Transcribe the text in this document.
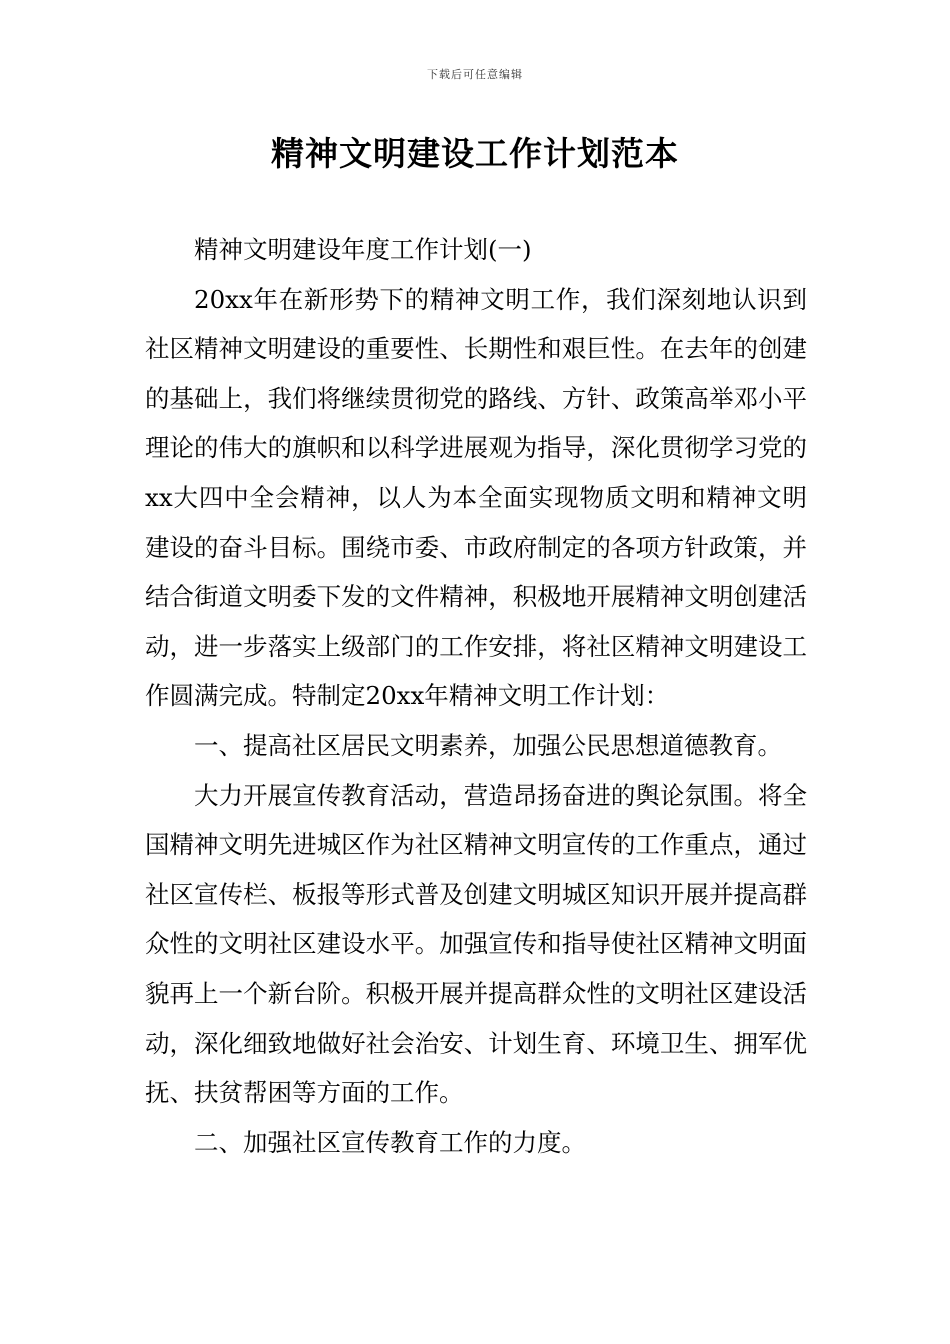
下载后可任意编辑
精神文明建设工作计划范本

精神文明建设年度工作计划(一)

20xx年在新形势下的精神文明工作，我们深刻地认识到社区精神文明建设的重要性、长期性和艰巨性。在去年的创建的基础上，我们将继续贯彻党的路线、方针、政策高举邓小平理论的伟大的旗帜和以科学进展观为指导，深化贯彻学习党的xx大四中全会精神，以人为本全面实现物质文明和精神文明建设的奋斗目标。围绕市委、市政府制定的各项方针政策，并结合街道文明委下发的文件精神，积极地开展精神文明创建活动，进一步落实上级部门的工作安排，将社区精神文明建设工作圆满完成。特制定20xx年精神文明工作计划：

一、提高社区居民文明素养，加强公民思想道德教育。

大力开展宣传教育活动，营造昂扬奋进的舆论氛围。将全国精神文明先进城区作为社区精神文明宣传的工作重点，通过社区宣传栏、板报等形式普及创建文明城区知识开展并提高群众性的文明社区建设水平。加强宣传和指导使社区精神文明面貌再上一个新台阶。积极开展并提高群众性的文明社区建设活动，深化细致地做好社会治安、计划生育、环境卫生、拥军优抚、扶贫帮困等方面的工作。

二、加强社区宣传教育工作的力度。
